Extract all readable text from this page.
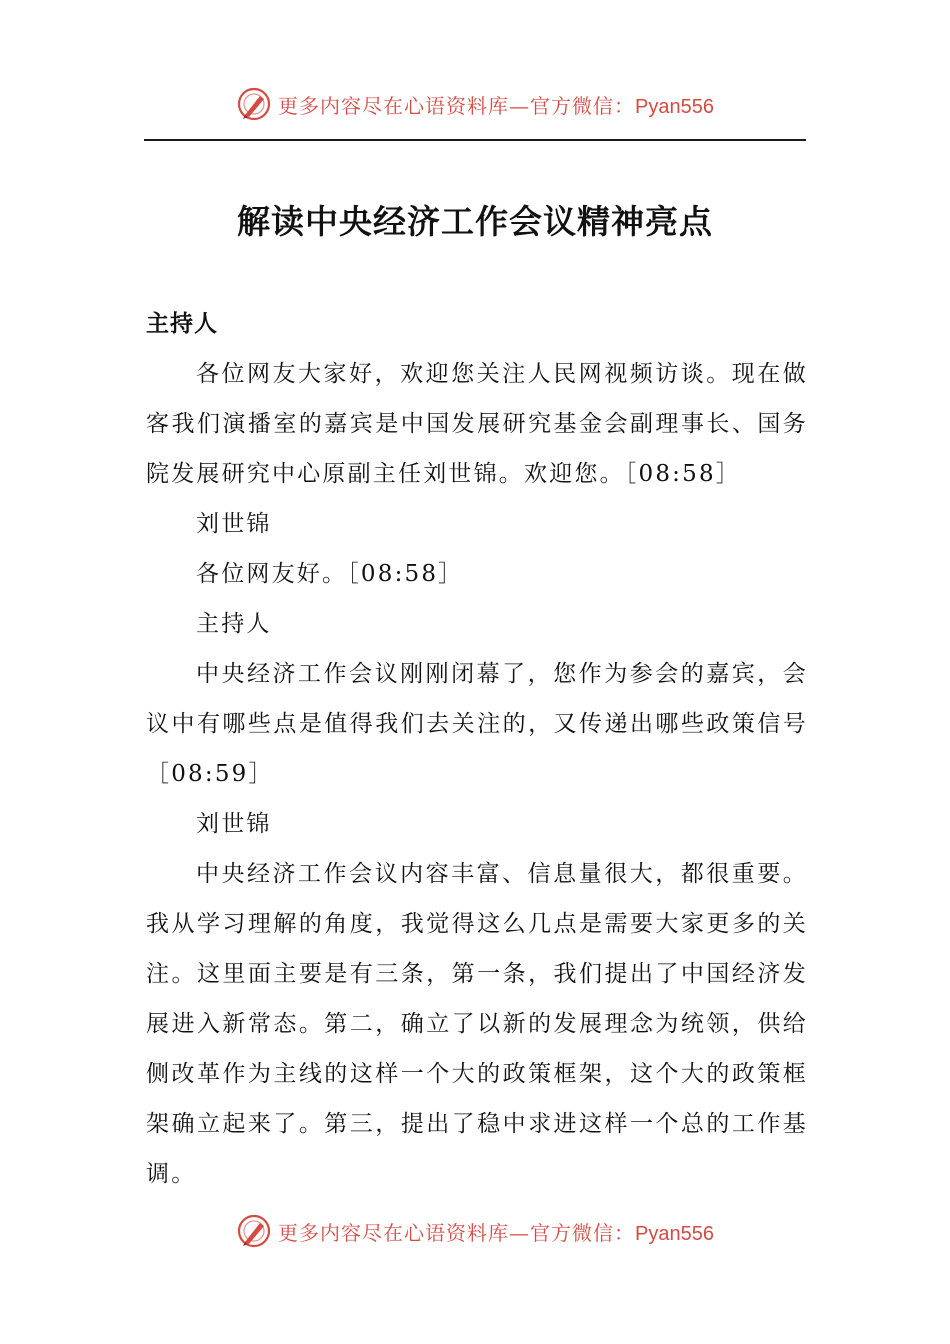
更多内容尽在心语资料库—官方微信：Pyan556
解读中央经济工作会议精神亮点

主持人

各位网友大家好，欢迎您关注人民网视频访谈。现在做客我们演播室的嘉宾是中国发展研究基金会副理事长、国务院发展研究中心原副主任刘世锦。欢迎您。［08:58］

刘世锦

各位网友好。［08:58］

主持人

中央经济工作会议刚刚闭幕了，您作为参会的嘉宾，会议中有哪些点是值得我们去关注的，又传递出哪些政策信号［08:59］

刘世锦

中央经济工作会议内容丰富、信息量很大，都很重要。我从学习理解的角度，我觉得这么几点是需要大家更多的关注。这里面主要是有三条，第一条，我们提出了中国经济发展进入新常态。第二，确立了以新的发展理念为统领，供给侧改革作为主线的这样一个大的政策框架，这个大的政策框架确立起来了。第三，提出了稳中求进这样一个总的工作基调。

更多内容尽在心语资料库—官方微信：Pyan556
